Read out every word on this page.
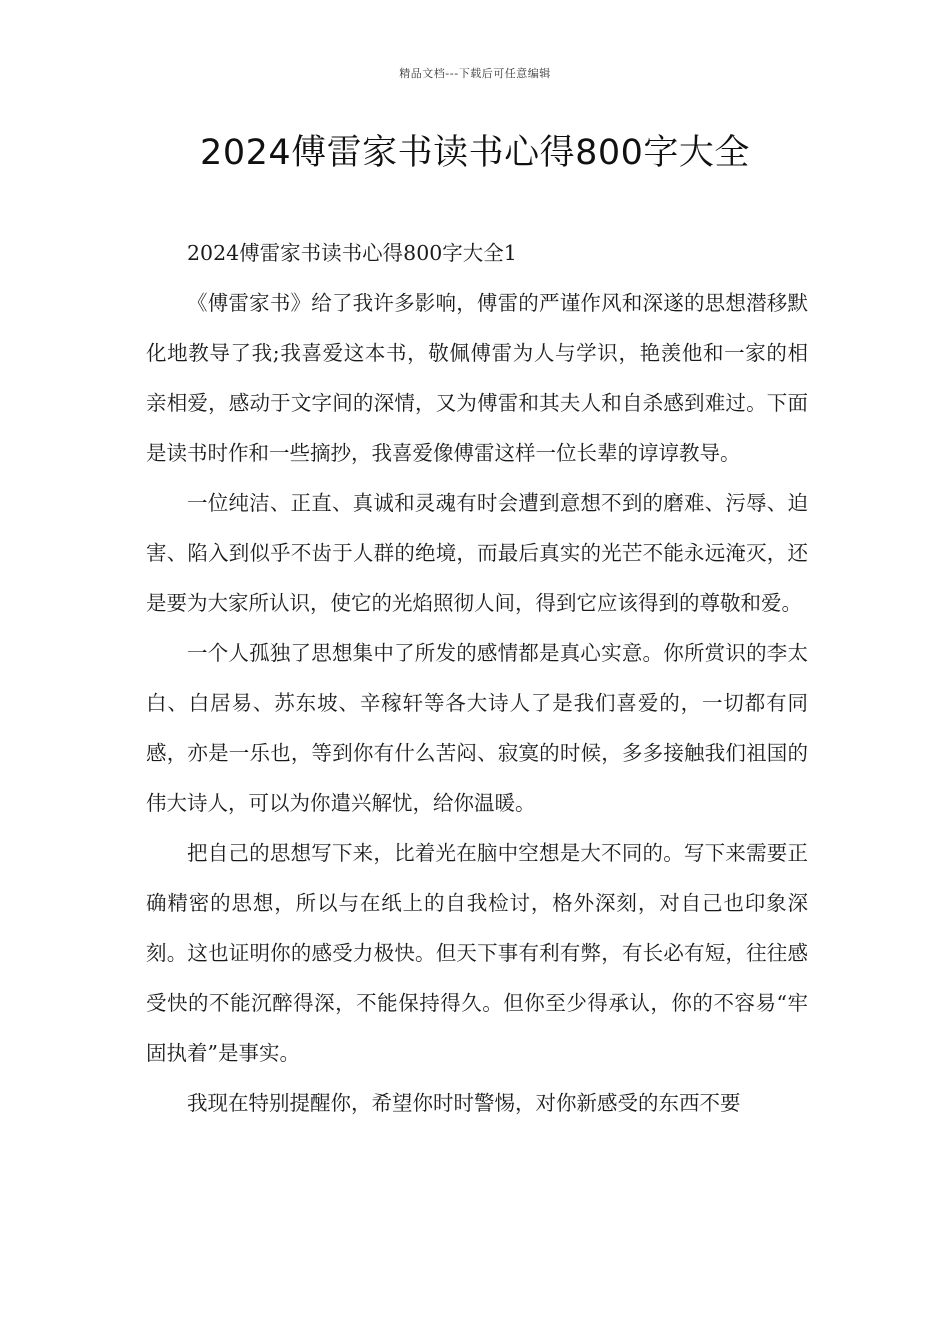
精品文档---下载后可任意编辑
2024傅雷家书读书心得800字大全

2024傅雷家书读书心得800字大全1

《傅雷家书》给了我许多影响，傅雷的严谨作风和深遂的思想潜移默化地教导了我;我喜爱这本书，敬佩傅雷为人与学识，艳羡他和一家的相亲相爱，感动于文字间的深情，又为傅雷和其夫人和自杀感到难过。下面是读书时作和一些摘抄，我喜爱像傅雷这样一位长辈的谆谆教导。

一位纯洁、正直、真诚和灵魂有时会遭到意想不到的磨难、污辱、迫害、陷入到似乎不齿于人群的绝境，而最后真实的光芒不能永远淹灭，还是要为大家所认识，使它的光焰照彻人间，得到它应该得到的尊敬和爱。

一个人孤独了思想集中了所发的感情都是真心实意。你所赏识的李太白、白居易、苏东坡、辛稼轩等各大诗人了是我们喜爱的，一切都有同感，亦是一乐也，等到你有什么苦闷、寂寞的时候，多多接触我们祖国的伟大诗人，可以为你遣兴解忧，给你温暖。

把自己的思想写下来，比着光在脑中空想是大不同的。写下来需要正确精密的思想，所以与在纸上的自我检讨，格外深刻，对自己也印象深刻。这也证明你的感受力极快。但天下事有利有弊，有长必有短，往往感受快的不能沉醉得深，不能保持得久。但你至少得承认，你的不容易“牢固执着”是事实。

我现在特别提醒你，希望你时时警惕，对你新感受的东西不要
